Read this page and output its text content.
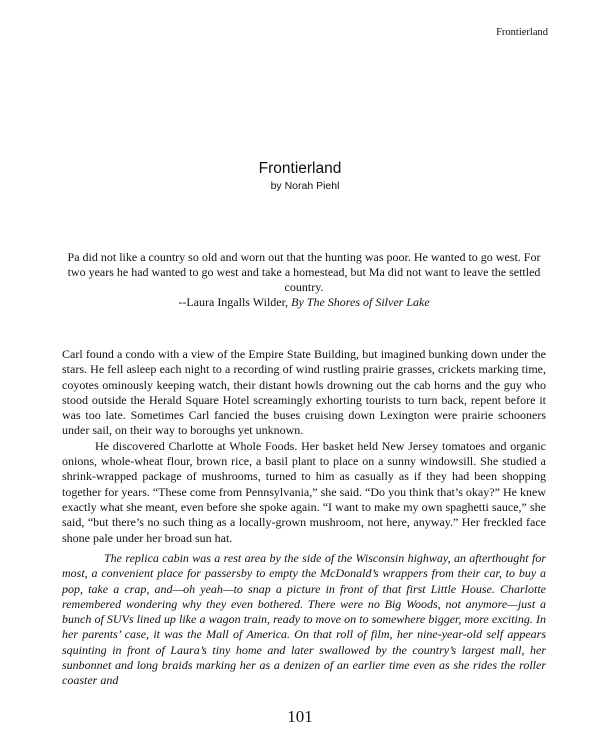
Frontierland
Frontierland
by Norah Piehl
Pa did not like a country so old and worn out that the hunting was poor. He wanted to go west. For two years he had wanted to go west and take a homestead, but Ma did not want to leave the settled country.
--Laura Ingalls Wilder, By The Shores of Silver Lake

Carl found a condo with a view of the Empire State Building, but imagined bunking down under the stars. He fell asleep each night to a recording of wind rustling prairie grasses, crickets marking time, coyotes ominously keeping watch, their distant howls drowning out the cab horns and the guy who stood outside the Herald Square Hotel screamingly exhorting tourists to turn back, repent before it was too late. Sometimes Carl fancied the buses cruising down Lexington were prairie schooners under sail, on their way to boroughs yet unknown.

He discovered Charlotte at Whole Foods. Her basket held New Jersey tomatoes and organic onions, whole-wheat flour, brown rice, a basil plant to place on a sunny windowsill. She studied a shrink-wrapped package of mushrooms, turned to him as casually as if they had been shopping together for years. “These come from Pennsylvania,” she said. “Do you think that’s okay?” He knew exactly what she meant, even before she spoke again. “I want to make my own spaghetti sauce,” she said, “but there’s no such thing as a locally-grown mushroom, not here, anyway.” Her freckled face shone pale under her broad sun hat.

The replica cabin was a rest area by the side of the Wisconsin highway, an afterthought for most, a convenient place for passersby to empty the McDonald’s wrappers from their car, to buy a pop, take a crap, and—oh yeah—to snap a picture in front of that first Little House. Charlotte remembered wondering why they even bothered. There were no Big Woods, not anymore—just a bunch of SUVs lined up like a wagon train, ready to move on to somewhere bigger, more exciting. In her parents’ case, it was the Mall of America. On that roll of film, her nine-year-old self appears squinting in front of Laura’s tiny home and later swallowed by the country’s largest mall, her sunbonnet and long braids marking her as a denizen of an earlier time even as she rides the roller coaster and

101
